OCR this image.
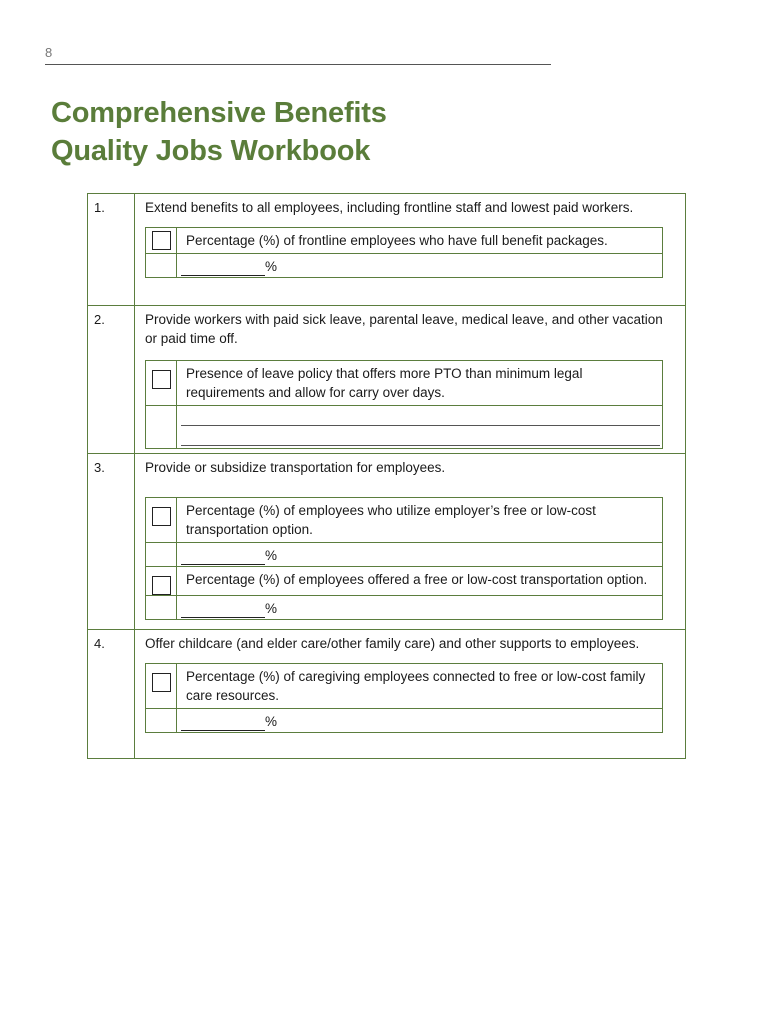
8
Comprehensive Benefits
Quality Jobs Workbook
1.	Extend benefits to all employees, including frontline staff and lowest paid workers.

Percentage (%) of frontline employees who have full benefit packages.
%
2.	Provide workers with paid sick leave, parental leave, medical leave, and other vacation or paid time off.

Presence of leave policy that offers more PTO than minimum legal requirements and allow for carry over days.
3.	Provide or subsidize transportation for employees.

Percentage (%) of employees who utilize employer’s free or low-cost transportation option.
%
Percentage (%) of employees offered a free or low-cost transportation option.
%
4.	Offer childcare (and elder care/other family care) and other supports to employees.

Percentage (%) of caregiving employees connected to free or low-cost family care resources.
%
